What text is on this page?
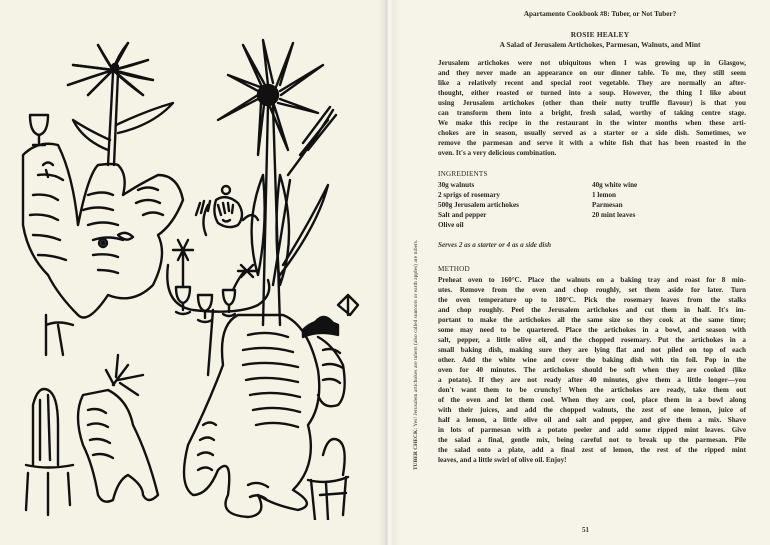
TUBER CHECK: Yes! Jerusalem artichokes are tubers (also called sunroots or earth apples) are tubers.
Apartamento Cookbook #8: Tuber, or Not Tuber?
ROSIE HEALEY
A Salad of Jerusalem Artichokes, Parmesan, Walnuts, and Mint
Jerusalem artichokes were not ubiquitous when I was growing up in Glasgow,
and they never made an appearance on our dinner table. To me, they still seem
like a relatively recent and special root vegetable. They are normally an after-
thought, either roasted or turned into a soup. However, the thing I like about
using Jerusalem artichokes (other than their nutty truffle flavour) is that you
can transform them into a bright, fresh salad, worthy of taking centre stage.
We make this recipe in the restaurant in the winter months when these arti-
chokes are in season, usually served as a starter or a side dish. Sometimes, we
remove the parmesan and serve it with a white fish that has been roasted in the
oven. It's a very delicious combination.
INGREDIENTS
30g walnuts
2 sprigs of rosemary
500g Jerusalem artichokes
Salt and pepper
Olive oil
40g white wine
1 lemon
Parmesan
20 mint leaves
Serves 2 as a starter or 4 as a side dish
METHOD
Preheat oven to 160°C. Place the walnuts on a baking tray and roast for 8 min-
utes. Remove from the oven and chop roughly, set them aside for later. Turn
the oven temperature up to 180°C. Pick the rosemary leaves from the stalks
and chop roughly. Peel the Jerusalem artichokes and cut them in half. It's im-
portant to make the artichokes all the same size so they cook at the same time;
some may need to be quartered. Place the artichokes in a bowl, and season with
salt, pepper, a little olive oil, and the chopped rosemary. Put the artichokes in a
small baking dish, making sure they are lying flat and not piled on top of each
other. Add the white wine and cover the baking dish with tin foil. Pop in the
oven for 40 minutes. The artichokes should be soft when they are cooked (like
a potato). If they are not ready after 40 minutes, give them a little longer—you
don't want them to be crunchy! When the artichokes are ready, take them out
of the oven and let them cool. When they are cool, place them in a bowl along
with their juices, and add the chopped walnuts, the zest of one lemon, juice of
half a lemon, a little olive oil and salt and pepper, and give them a mix. Shave
in lots of parmesan with a potato peeler and add some ripped mint leaves. Give
the salad a final, gentle mix, being careful not to break up the parmesan. Pile
the salad onto a plate, add a final zest of lemon, the rest of the ripped mint
leaves, and a little swirl of olive oil. Enjoy!
51
